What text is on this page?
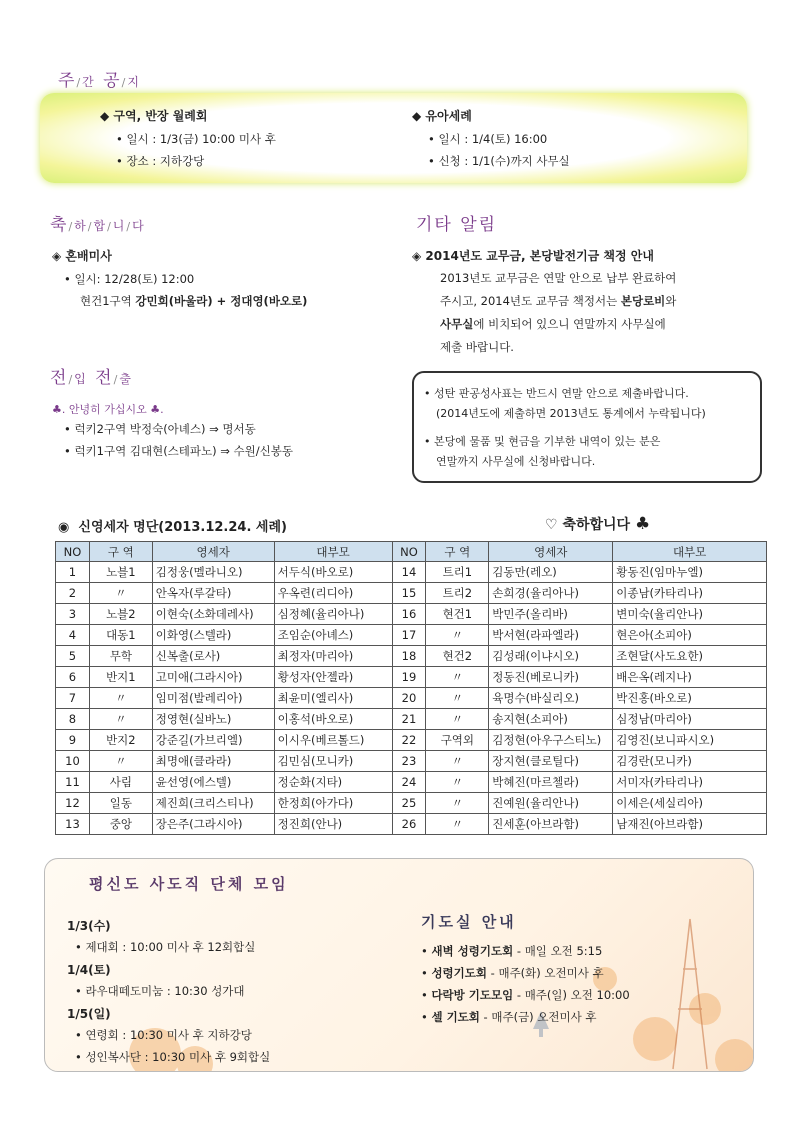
주/간 공/지
◆ 구역, 반장 월례회
• 일시 : 1/3(금) 10:00 미사 후
• 장소 : 지하강당
◆ 유아세례
• 일시 : 1/4(토) 16:00
• 신청 : 1/1(수)까지 사무실
축/하/합/니/다
◈ 혼배미사
• 일시: 12/28(토) 12:00
현건1구역 강민희(바울라) + 정대영(바오로)
전/입 전/출
♣. 안녕히 가십시오 ♣.
• 럭키2구역 박정숙(아녜스) ⇒ 명서동
• 럭키1구역 김대현(스테파노) ⇒ 수원/신봉동
기타 알림
◈ 2014년도 교무금, 본당발전기금 책정 안내
2013년도 교무금은 연말 안으로 납부 완료하여
주시고, 2014년도 교무금 책정서는 본당로비와
사무실에 비치되어 있으니 연말까지 사무실에
제출 바랍니다.
• 성탄 판공성사표는 반드시 연말 안으로 제출바랍니다.
(2014년도에 제출하면 2013년도 통계에서 누락됩니다)
• 본당에 물품 및 현금을 기부한 내역이 있는 분은
연말까지 사무실에 신청바랍니다.
◉ 신영세자 명단(2013.12.24. 세례)	♡ 축하합니다 ♣
NO	구 역	영세자	대부모	NO	구 역	영세자	대부모
1	노블1	김정웅(멜라니오)	서두식(바오로)	14	트리1	김동만(레오)	황동진(임마누엘)
2	〃	안옥자(루갈타)	우옥련(리디아)	15	트리2	손희경(율리아나)	이종남(카타리나)
3	노블2	이현숙(소화데레사)	심정혜(율리아나)	16	현건1	박민주(올리바)	변미숙(율리안나)
4	대동1	이화영(스텔라)	조임순(아녜스)	17	〃	박서현(라파엘라)	현은아(소피아)
5	무학	신복출(로사)	최정자(마리아)	18	현건2	김성래(이냐시오)	조현달(사도요한)
6	반지1	고미애(그라시아)	황성자(안젤라)	19	〃	정동진(베로니카)	배은옥(레지나)
7	〃	임미점(발레리아)	최윤미(엘리사)	20	〃	육명수(바실리오)	박진홍(바오로)
8	〃	정영현(실바노)	이홍석(바오로)	21	〃	송지현(소피아)	심정남(마리아)
9	반지2	강준길(가브리엘)	이시우(베르톨드)	22	구역외	김정현(아우구스티노)	김영진(보니파시오)
10	〃	최명애(클라라)	김민심(모니카)	23	〃	장지현(클로틸다)	김경란(모니카)
11	사림	윤선영(에스텔)	정순화(지타)	24	〃	박혜진(마르첼라)	서미자(카타리나)
12	일동	제진희(크리스티나)	한정희(아가다)	25	〃	진예원(율리안나)	이세은(세실리아)
13	중앙	장은주(그라시아)	정진희(안나)	26	〃	진세훈(아브라함)	남재진(아브라함)
평신도 사도직 단체 모임
1/3(수)
• 제대회 : 10:00 미사 후 12회합실
1/4(토)
• 라우대떼도미눔 : 10:30 성가대
1/5(일)
• 연령회 : 10:30 미사 후 지하강당
• 성인복사단 : 10:30 미사 후 9회합실
기도실 안내
• 새벽 성령기도회 - 매일 오전 5:15
• 성령기도회 - 매주(화) 오전미사 후
• 다락방 기도모임 - 매주(일) 오전 10:00
• 셀 기도회 - 매주(금) 오전미사 후
